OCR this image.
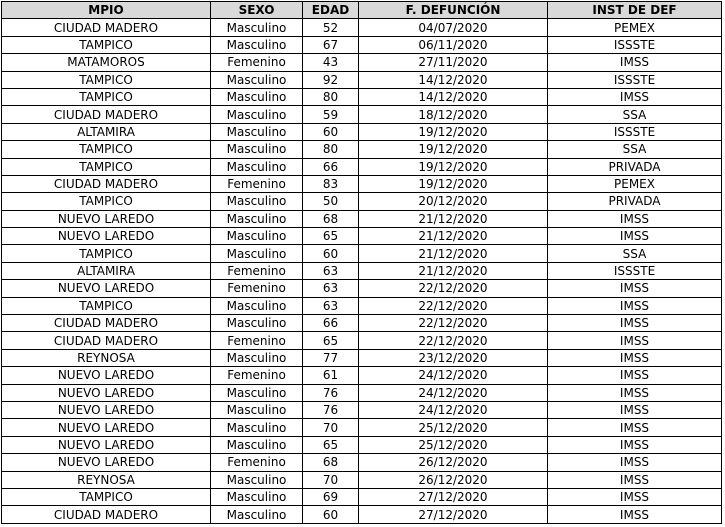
MPIO	SEXO	EDAD	F. DEFUNCIÓN	INST DE DEF
CIUDAD MADERO	Masculino	52	04/07/2020	PEMEX
TAMPICO	Masculino	67	06/11/2020	ISSSTE
MATAMOROS	Femenino	43	27/11/2020	IMSS
TAMPICO	Masculino	92	14/12/2020	ISSSTE
TAMPICO	Masculino	80	14/12/2020	IMSS
CIUDAD MADERO	Masculino	59	18/12/2020	SSA
ALTAMIRA	Masculino	60	19/12/2020	ISSSTE
TAMPICO	Masculino	80	19/12/2020	SSA
TAMPICO	Masculino	66	19/12/2020	PRIVADA
CIUDAD MADERO	Femenino	83	19/12/2020	PEMEX
TAMPICO	Masculino	50	20/12/2020	PRIVADA
NUEVO LAREDO	Masculino	68	21/12/2020	IMSS
NUEVO LAREDO	Masculino	65	21/12/2020	IMSS
TAMPICO	Masculino	60	21/12/2020	SSA
ALTAMIRA	Femenino	63	21/12/2020	ISSSTE
NUEVO LAREDO	Femenino	63	22/12/2020	IMSS
TAMPICO	Masculino	63	22/12/2020	IMSS
CIUDAD MADERO	Masculino	66	22/12/2020	IMSS
CIUDAD MADERO	Femenino	65	22/12/2020	IMSS
REYNOSA	Masculino	77	23/12/2020	IMSS
NUEVO LAREDO	Femenino	61	24/12/2020	IMSS
NUEVO LAREDO	Masculino	76	24/12/2020	IMSS
NUEVO LAREDO	Masculino	76	24/12/2020	IMSS
NUEVO LAREDO	Masculino	70	25/12/2020	IMSS
NUEVO LAREDO	Masculino	65	25/12/2020	IMSS
NUEVO LAREDO	Femenino	68	26/12/2020	IMSS
REYNOSA	Masculino	70	26/12/2020	IMSS
TAMPICO	Masculino	69	27/12/2020	IMSS
CIUDAD MADERO	Masculino	60	27/12/2020	IMSS
